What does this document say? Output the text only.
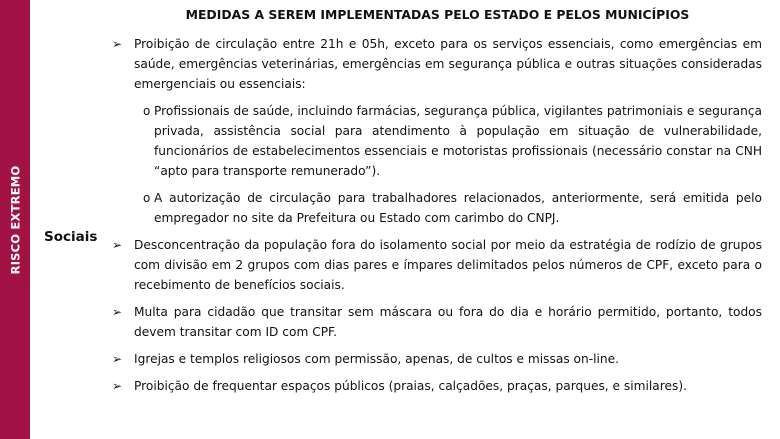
RISCO EXTREMO
MEDIDAS A SEREM IMPLEMENTADAS PELO ESTADO E PELOS MUNICÍPIOS
Sociais
➢ Proibição de circulação entre 21h e 05h, exceto para os serviços essenciais, como emergências em saúde, emergências veterinárias, emergências em segurança pública e outras situações consideradas emergenciais ou essenciais:
o Profissionais de saúde, incluindo farmácias, segurança pública, vigilantes patrimoniais e segurança privada, assistência social para atendimento à população em situação de vulnerabilidade, funcionários de estabelecimentos essenciais e motoristas profissionais (necessário constar na CNH “apto para transporte remunerado”).
o A autorização de circulação para trabalhadores relacionados, anteriormente, será emitida pelo empregador no site da Prefeitura ou Estado com carimbo do CNPJ.
➢ Desconcentração da população fora do isolamento social por meio da estratégia de rodízio de grupos com divisão em 2 grupos com dias pares e ímpares delimitados pelos números de CPF, exceto para o recebimento de benefícios sociais.
➢ Multa para cidadão que transitar sem máscara ou fora do dia e horário permitido, portanto, todos devem transitar com ID com CPF.
➢ Igrejas e templos religiosos com permissão, apenas, de cultos e missas on-line.
➢ Proibição de frequentar espaços públicos (praias, calçadões, praças, parques, e similares).
